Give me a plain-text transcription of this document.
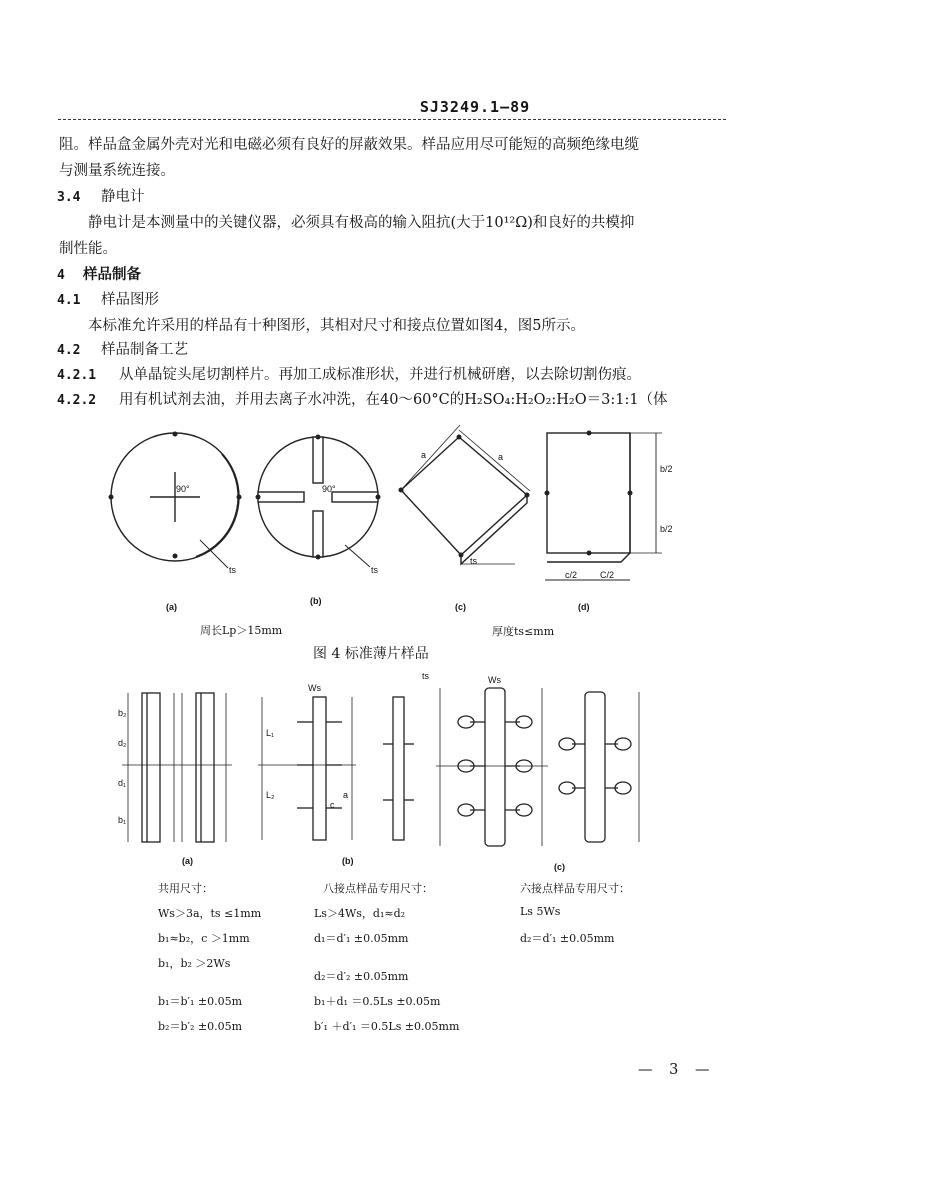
SJ3249.1—89
阻。样品盒金属外壳对光和电磁必须有良好的屏蔽效果。样品应用尽可能短的高频绝缘电缆
与测量系统连接。
3.4 静电计
静电计是本测量中的关键仪器，必须具有极高的输入阻抗(大于10¹²Ω)和良好的共模抑
制性能。
4 样品制备
4.1 样品图形
本标准允许采用的样品有十种图形，其相对尺寸和接点位置如图4，图5所示。
4.2 样品制备工艺
4.2.1 从单晶锭头尾切割样片。再加工成标准形状，并进行机械研磨，以去除切割伤痕。
4.2.2 用有机试剂去油，并用去离子水冲洗，在40～60°C的H₂SO₄:H₂O₂:H₂O＝3:1:1（体
90°	90°
ts	ts
ts
a	a
b/2
b/2
c/2	C/2
(a)
(b)
(c)	(d)
周长Lp＞15mm	厚度ts≤mm
图 4 标准薄片样品
Ws
Ws
ts
b₂
d₂
d₁
b₁
L₁
L₂	a
c
(a)	(b)
(c)
共用尺寸：
Ws＞3a，ts ≤1mm
b₁≈b₂，c ＞1mm
b₁，b₂ ＞2Ws
b₁＝b′₁ ±0.05m
b₂＝b′₂ ±0.05m
八接点样品专用尺寸：
Ls＞4Ws，d₁≈d₂
d₁＝d′₁ ±0.05mm
d₂＝d′₂ ±0.05mm
b₁＋d₁ ＝0.5Ls ±0.05m
b′₁ ＋d′₁ ＝0.5Ls ±0.05mm
六接点样品专用尺寸：
Ls 5Ws
d₂＝d′₁ ±0.05mm
— 3 —
